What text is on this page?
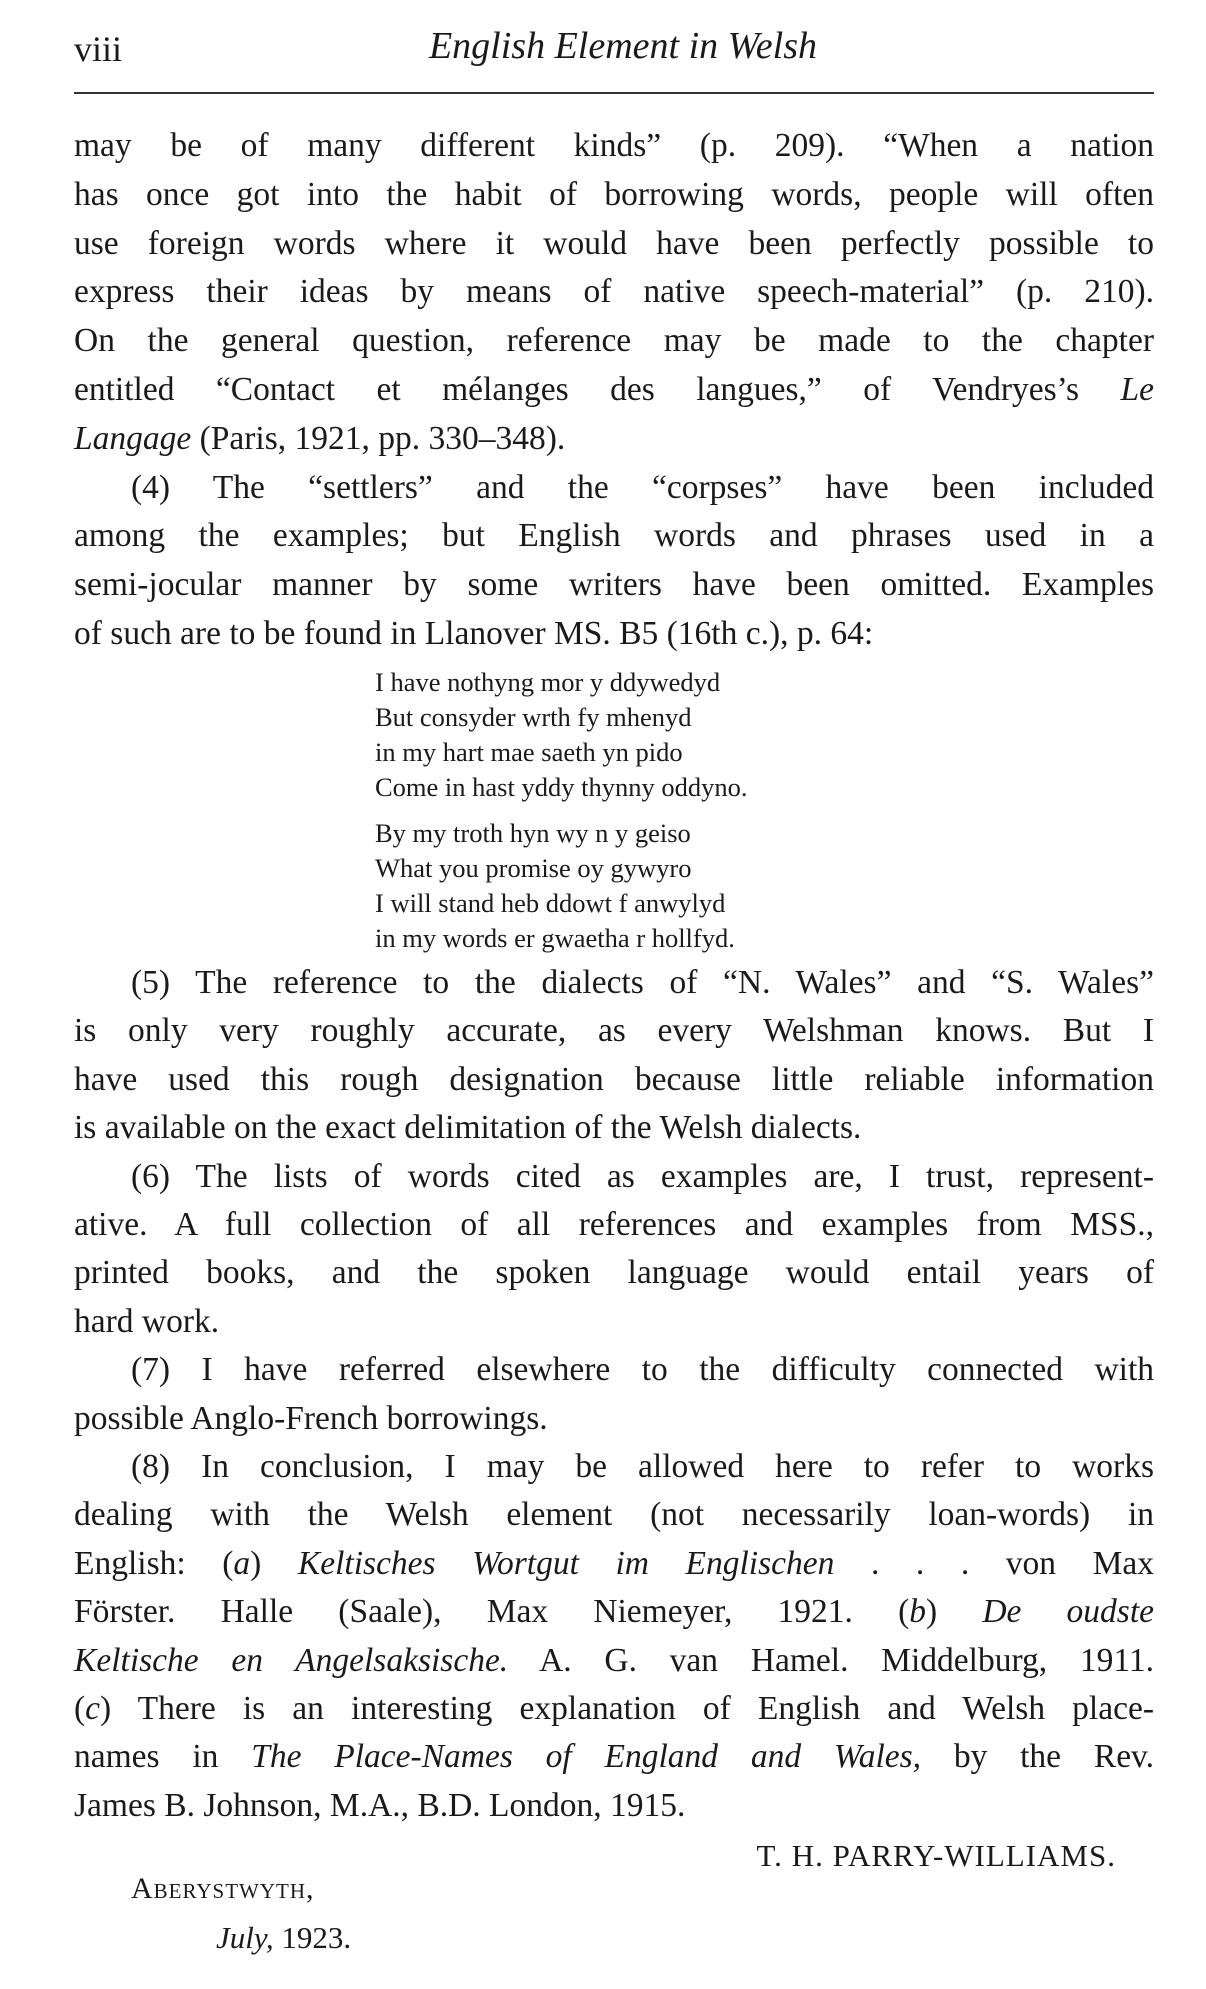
viii	English Element in Welsh
may be of many different kinds” (p. 209). “When a nation
has once got into the habit of borrowing words, people will often
use foreign words where it would have been perfectly possible to
express their ideas by means of native speech-material” (p. 210).
On the general question, reference may be made to the chapter
entitled “Contact et mélanges des langues,” of Vendryes’s Le
Langage (Paris, 1921, pp. 330–348).
(4) The “settlers” and the “corpses” have been included
among the examples; but English words and phrases used in a
semi-jocular manner by some writers have been omitted. Examples
of such are to be found in Llanover MS. B5 (16th c.), p. 64:
I have nothyng mor y ddywedyd
But consyder wrth fy mhenyd
in my hart mae saeth yn pido
Come in hast yddy thynny oddyno.
By my troth hyn wy n y geiso
What you promise oy gywyro
I will stand heb ddowt f anwylyd
in my words er gwaetha r hollfyd.
(5) The reference to the dialects of “N. Wales” and “S. Wales”
is only very roughly accurate, as every Welshman knows. But I
have used this rough designation because little reliable information
is available on the exact delimitation of the Welsh dialects.
(6) The lists of words cited as examples are, I trust, represent-
ative. A full collection of all references and examples from MSS.,
printed books, and the spoken language would entail years of
hard work.
(7) I have referred elsewhere to the difficulty connected with
possible Anglo-French borrowings.
(8) In conclusion, I may be allowed here to refer to works
dealing with the Welsh element (not necessarily loan-words) in
English: (a) Keltisches Wortgut im Englischen . . . von Max
Förster. Halle (Saale), Max Niemeyer, 1921. (b) De oudste
Keltische en Angelsaksische. A. G. van Hamel. Middelburg, 1911.
(c) There is an interesting explanation of English and Welsh place-
names in The Place-Names of England and Wales, by the Rev.
James B. Johnson, M.A., B.D. London, 1915.
T. H. PARRY-WILLIAMS.
Aberystwyth,
July, 1923.
